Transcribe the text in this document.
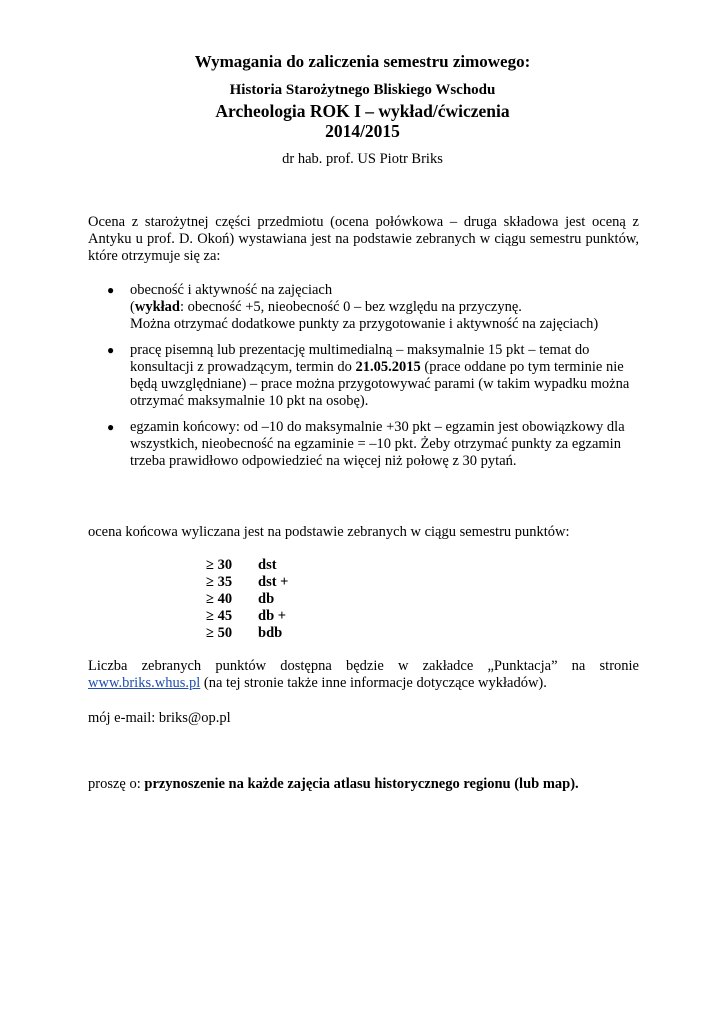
Wymagania do zaliczenia semestru zimowego:
Historia Starożytnego Bliskiego Wschodu
Archeologia ROK I – wykład/ćwiczenia
2014/2015
dr hab. prof. US Piotr Briks
Ocena z starożytnej części przedmiotu (ocena połówkowa – druga składowa jest oceną z
Antyku u prof. D. Okoń) wystawiana jest na podstawie zebranych w ciągu semestru punktów,
które otrzymuje się za:
● obecność i aktywność na zajęciach
(wykład: obecność +5, nieobecność 0 – bez względu na przyczynę.
Można otrzymać dodatkowe punkty za przygotowanie i aktywność na zajęciach)
● pracę pisemną lub prezentację multimedialną – maksymalnie 15 pkt – temat do
konsultacji z prowadzącym, termin do 21.05.2015 (prace oddane po tym terminie nie
będą uwzględniane) – prace można przygotowywać parami (w takim wypadku można
otrzymać maksymalnie 10 pkt na osobę).
● egzamin końcowy: od –10 do maksymalnie +30 pkt – egzamin jest obowiązkowy dla
wszystkich, nieobecność na egzaminie = –10 pkt. Żeby otrzymać punkty za egzamin
trzeba prawidłowo odpowiedzieć na więcej niż połowę z 30 pytań.
ocena końcowa wyliczana jest na podstawie zebranych w ciągu semestru punktów:
≥ 30 dst
≥ 35 dst +
≥ 40 db
≥ 45 db +
≥ 50 bdb
Liczba zebranych punktów dostępna będzie w zakładce „Punktacja” na stronie
www.briks.whus.pl (na tej stronie także inne informacje dotyczące wykładów).
mój e-mail: briks@op.pl
proszę o: przynoszenie na każde zajęcia atlasu historycznego regionu (lub map).
